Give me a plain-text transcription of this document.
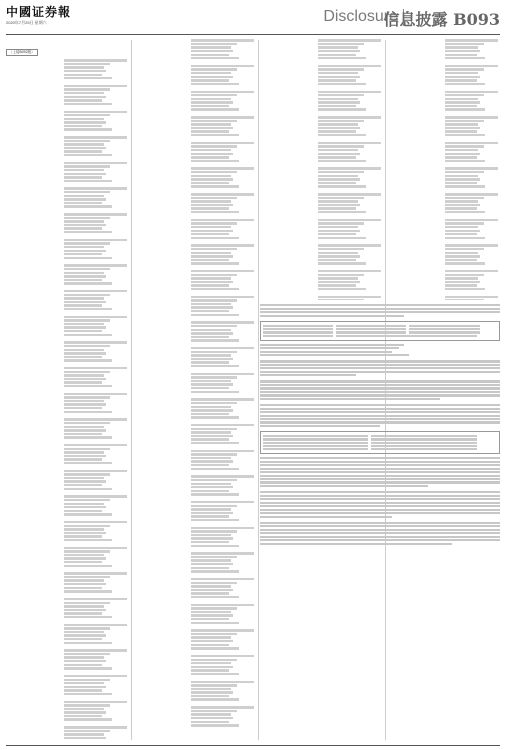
中國证券報
2020年7月25日 星期六	Disclosure
信息披露 B093
（上接B092版）
